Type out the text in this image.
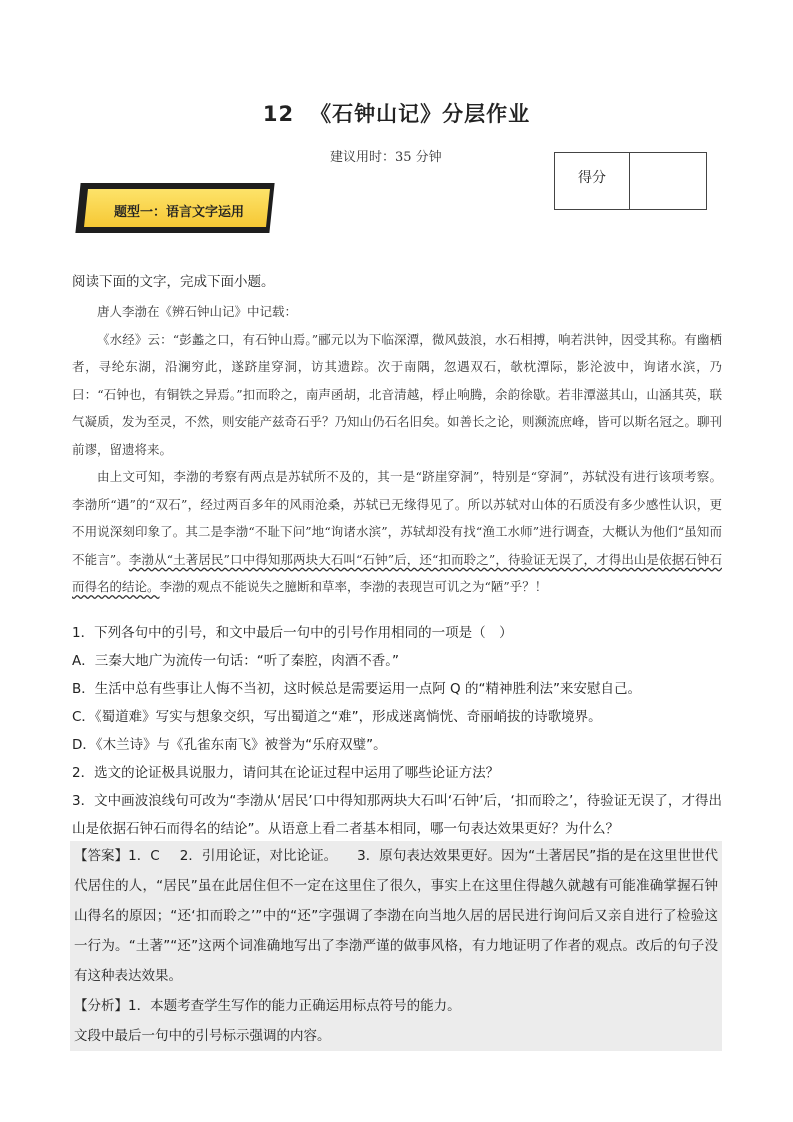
12 《石钟山记》分层作业
建议用时：35 分钟
得分
题型一：语言文字运用
阅读下面的文字，完成下面小题。

唐人李渤在《辨石钟山记》中记载：

《水经》云：“彭蠡之口，有石钟山焉。”郦元以为下临深潭，微风鼓浪，水石相搏，响若洪钟，因受其称。有幽栖者，寻纶东湖，沿澜穷此，遂跻崖穿洞，访其遗踪。次于南隅，忽遇双石，欹枕潭际，影沦波中，询诸水滨，乃曰：“石钟也，有铜铁之异焉。”扣而聆之，南声函胡，北音清越，桴止响腾，余韵徐歇。若非潭滋其山，山涵其英，联气凝质，发为至灵，不然，则安能产兹奇石乎？乃知山仍石名旧矣。如善长之论，则濒流庶峰，皆可以斯名冠之。聊刊前谬，留遗将来。

由上文可知，李渤的考察有两点是苏轼所不及的，其一是“跻崖穿洞”，特别是“穿洞”，苏轼没有进行该项考察。李渤所“遇”的“双石”，经过两百多年的风雨沧桑，苏轼已无缘得见了。所以苏轼对山体的石质没有多少感性认识，更不用说深刻印象了。其二是李渤“不耻下问”地“询诸水滨”，苏轼却没有找“渔工水师”进行调查，大概认为他们“虽知而不能言”。李渤从“土著居民”口中得知那两块大石叫“石钟”后，还“扣而聆之”，待验证无误了，才得出山是依据石钟石而得名的结论。李渤的观点不能说失之臆断和草率，李渤的表现岂可讥之为“陋”乎？！

1．下列各句中的引号，和文中最后一句中的引号作用相同的一项是（　）

A．三秦大地广为流传一句话：“听了秦腔，肉酒不香。”

B．生活中总有些事让人悔不当初，这时候总是需要运用一点阿 Q 的“精神胜利法”来安慰自己。

C．《蜀道难》写实与想象交织，写出蜀道之“难”，形成迷离惝恍、奇丽峭拔的诗歌境界。

D．《木兰诗》与《孔雀东南飞》被誉为“乐府双璧”。

2．选文的论证极具说服力，请问其在论证过程中运用了哪些论证方法？

3．文中画波浪线句可改为“李渤从‘居民’口中得知那两块大石叫‘石钟’后，‘扣而聆之’，待验证无误了，才得出山是依据石钟石而得名的结论”。从语意上看二者基本相同，哪一句表达效果更好？为什么？

【答案】1．C 2．引用论证，对比论证。 3．原句表达效果更好。因为“土著居民”指的是在这里世世代代居住的人，“居民”虽在此居住但不一定在这里住了很久，事实上在这里住得越久就越有可能准确掌握石钟山得名的原因；“还‘扣而聆之’”中的“还”字强调了李渤在向当地久居的居民进行询问后又亲自进行了检验这一行为。“土著”“还”这两个词准确地写出了李渤严谨的做事风格，有力地证明了作者的观点。改后的句子没有这种表达效果。

【分析】1．本题考查学生写作的能力正确运用标点符号的能力。

文段中最后一句中的引号标示强调的内容。
